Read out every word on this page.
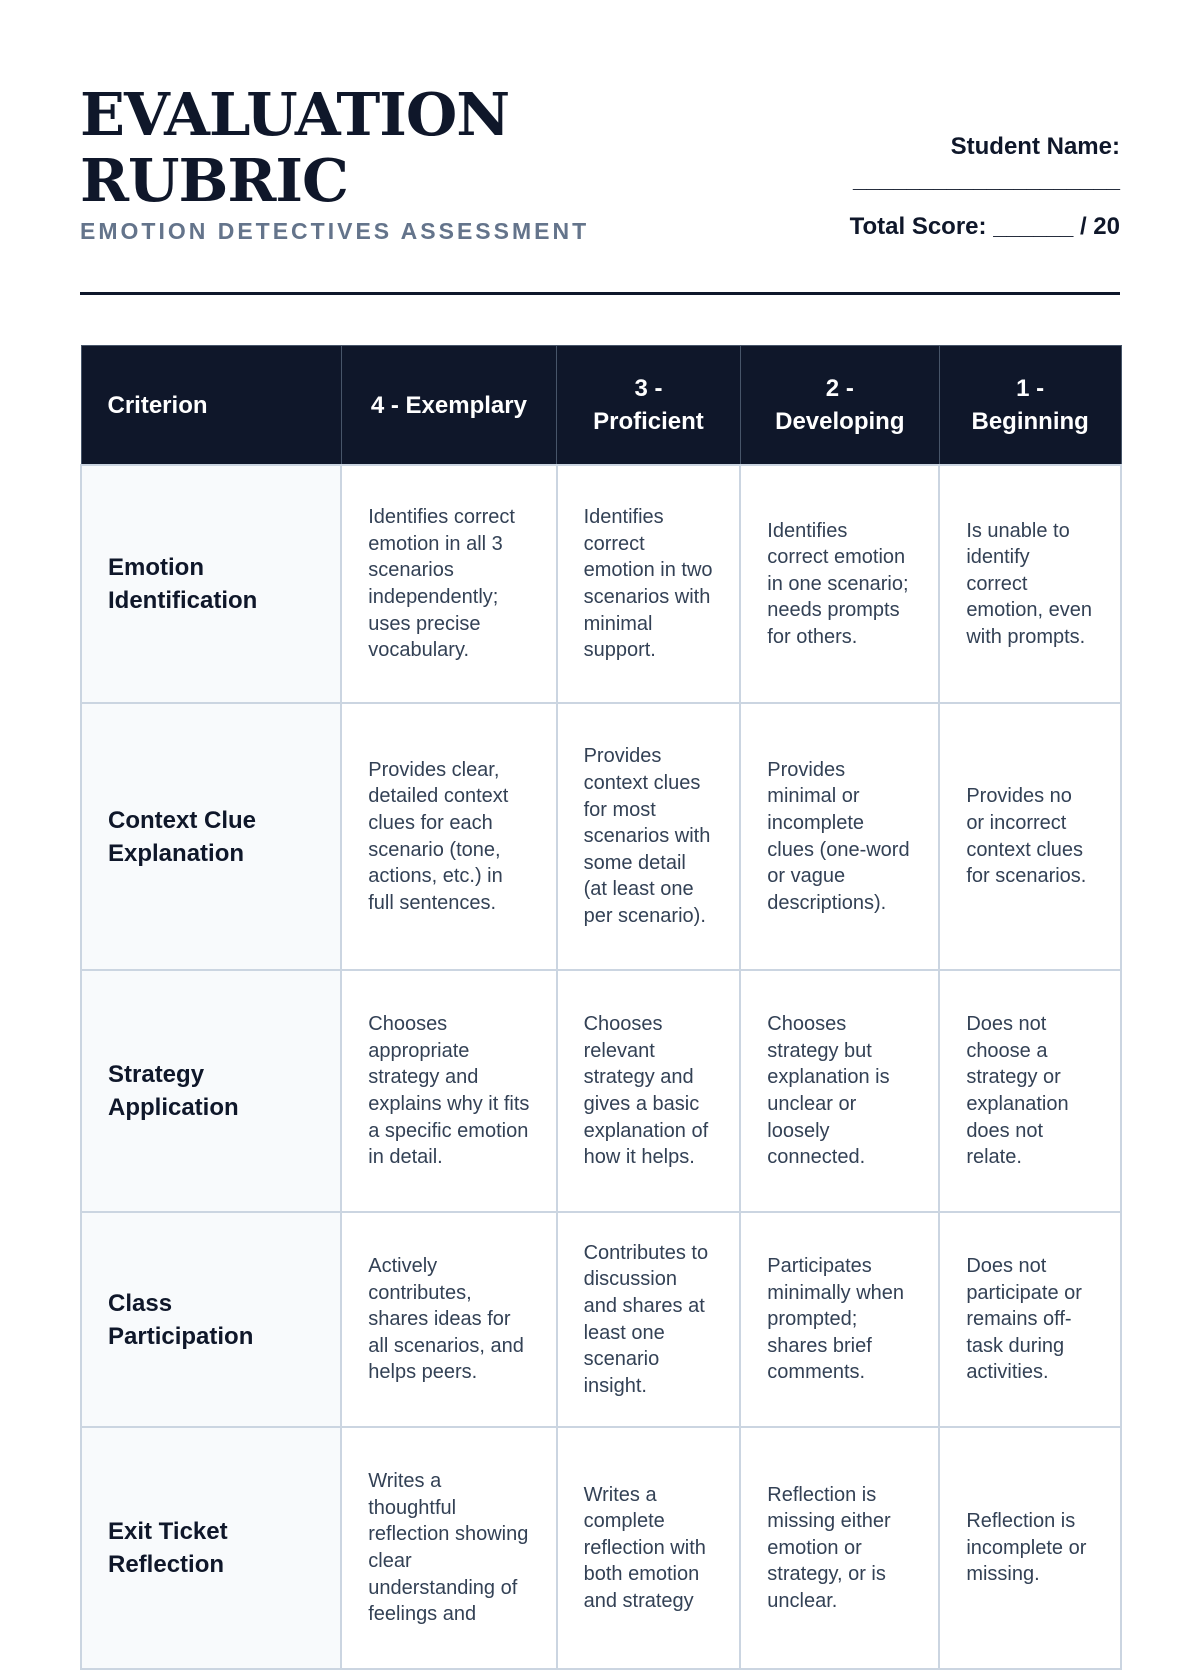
EVALUATION RUBRIC
EMOTION DETECTIVES ASSESSMENT
Student Name:
____________________
Total Score: ______ / 20
Criterion	4 - Exemplary	3 - Proficient	2 - Developing	1 - Beginning
Emotion Identification	Identifies correct emotion in all 3 scenarios independently; uses precise vocabulary.	Identifies correct emotion in two scenarios with minimal support.	Identifies correct emotion in one scenario; needs prompts for others.	Is unable to identify correct emotion, even with prompts.
Context Clue Explanation	Provides clear, detailed context clues for each scenario (tone, actions, etc.) in full sentences.	Provides context clues for most scenarios with some detail (at least one per scenario).	Provides minimal or incomplete clues (one-word or vague descriptions).	Provides no or incorrect context clues for scenarios.
Strategy Application	Chooses appropriate strategy and explains why it fits a specific emotion in detail.	Chooses relevant strategy and gives a basic explanation of how it helps.	Chooses strategy but explanation is unclear or loosely connected.	Does not choose a strategy or explanation does not relate.
Class Participation	Actively contributes, shares ideas for all scenarios, and helps peers.	Contributes to discussion and shares at least one scenario insight.	Participates minimally when prompted; shares brief comments.	Does not participate or remains off-task during activities.
Exit Ticket Reflection	Writes a thoughtful reflection showing clear understanding of feelings and	Writes a complete reflection with both emotion and strategy	Reflection is missing either emotion or strategy, or is unclear.	Reflection is incomplete or missing.
